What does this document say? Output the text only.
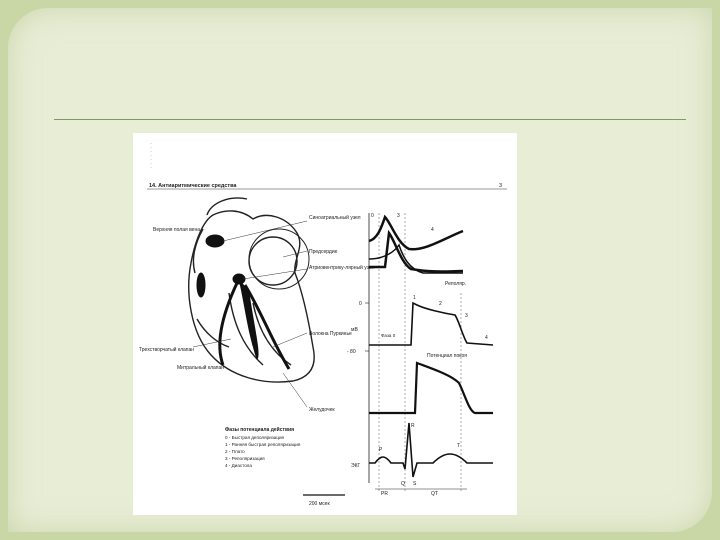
14. Антиаритмические средства	3
Верхняя полая вена
Трехстворчатый клапан
Митральный клапан
Синоатриальный узел
Предсердие
Атриовентрику-лярный узел
Волокна Пуркинье
Желудочек
0	3
4
Реполяр.
0
мВ
- 80
1
2
3
4
Фаза 0
Потенциал покоя
ЭКГ
P
R
Q S
T
PR	QT
Фазы потенциала действия
0 - Быстрая деполяризация
1 - Ранняя быстрая реполяризация
2 - Плато
3 - Реполяризация
4 - Диастола
200 мсек
